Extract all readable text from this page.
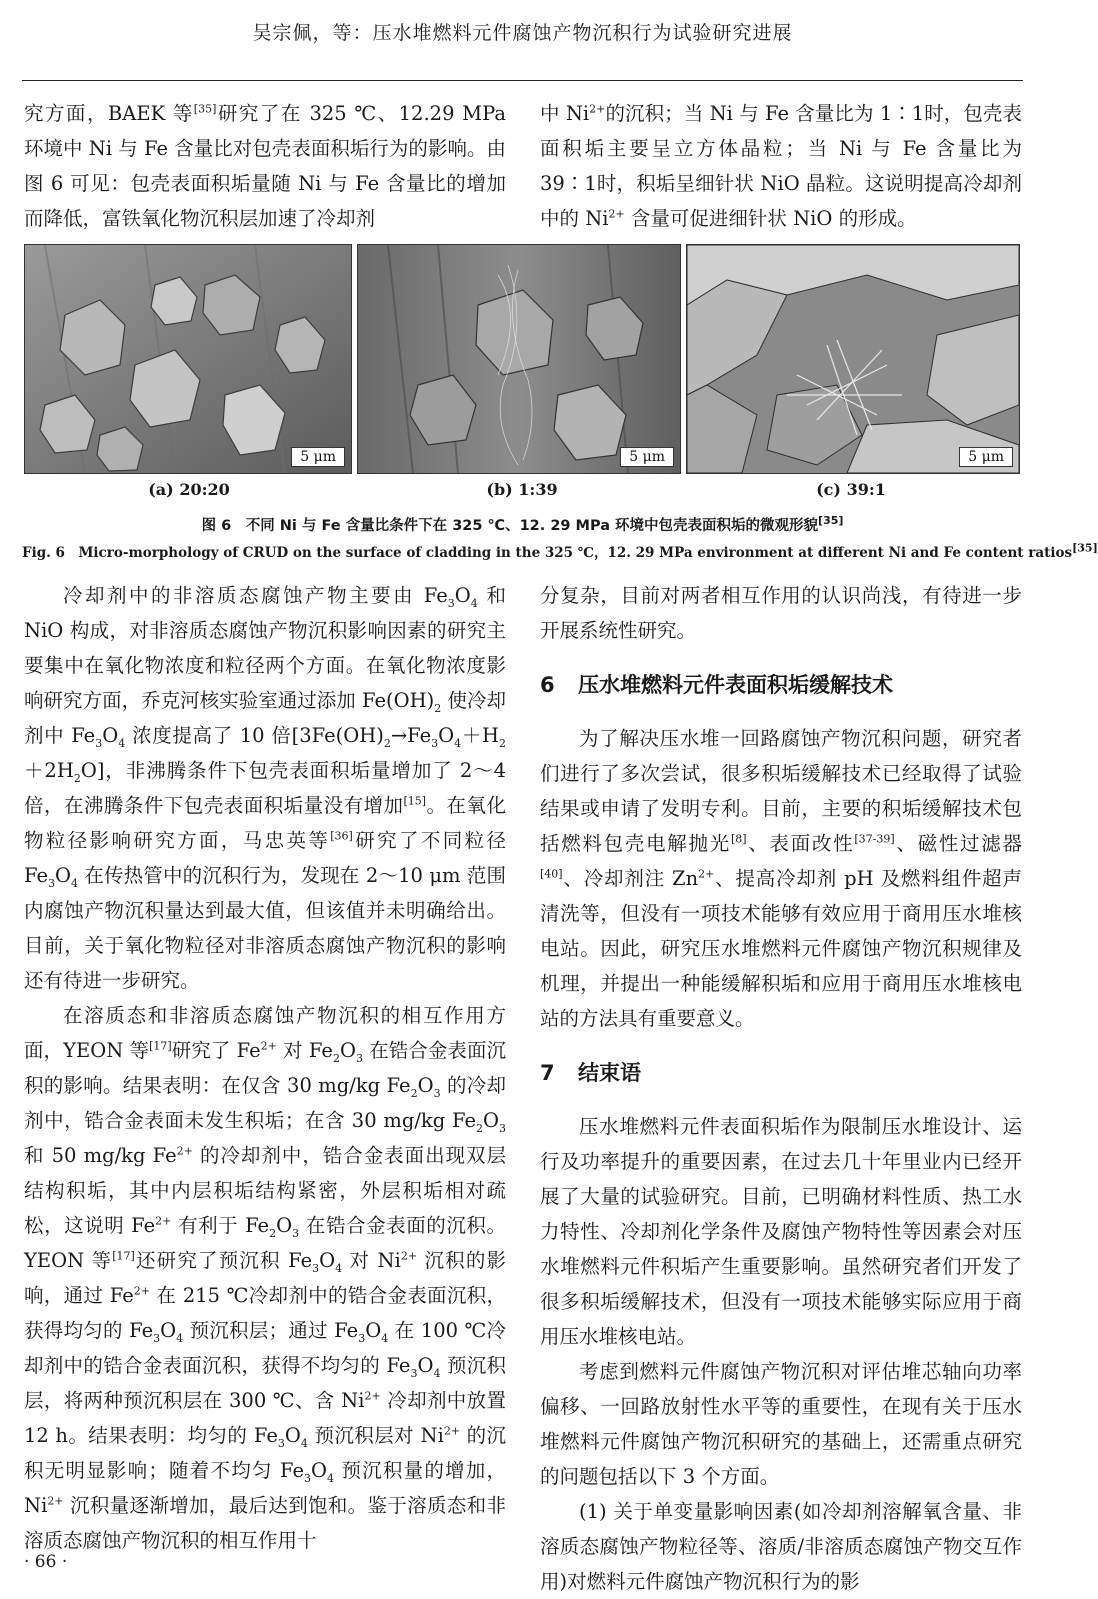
吴宗佩，等：压水堆燃料元件腐蚀产物沉积行为试验研究进展

究方面，BAEK 等[35]研究了在 325 ℃、12.29 MPa 环境中 Ni 与 Fe 含量比对包壳表面积垢行为的影响。由图 6 可见：包壳表面积垢量随 Ni 与 Fe 含量比的增加而降低，富铁氧化物沉积层加速了冷却剂

中 $Ni^{2+}$的沉积；当 Ni 与 Fe 含量比为 1∶1时，包壳表面积垢主要呈立方体晶粒；当 Ni 与 Fe 含量比为 39∶1时，积垢呈细针状 NiO 晶粒。这说明提高冷却剂中的 $Ni^{2+}$ 含量可促进细针状 NiO 的形成。

5 μm	5 μm	5 μm
(a) 20:20	(b) 1:39	(c) 39:1
图 6　不同 Ni 与 Fe 含量比条件下在 325 ℃、12. 29 MPa 环境中包壳表面积垢的微观形貌[35]
Fig. 6　Micro-morphology of CRUD on the surface of cladding in the 325 ℃，12. 29 MPa environment at different Ni and Fe content ratios[35]

冷却剂中的非溶质态腐蚀产物主要由 $Fe_3O_4$ 和 NiO 构成，对非溶质态腐蚀产物沉积影响因素的研究主要集中在氧化物浓度和粒径两个方面。在氧化物浓度影响研究方面，乔克河核实验室通过添加 $Fe(OH)_2$ 使冷却剂中 $Fe_3O_4$ 浓度提高了 10 倍$[3Fe(OH)_2\to Fe_3O_4+H_2+2H_2O]$，非沸腾条件下包壳表面积垢量增加了 2～4 倍，在沸腾条件下包壳表面积垢量没有增加[15]。在氧化物粒径影响研究方面，马忠英等[36]研究了不同粒径 $Fe_3O_4$ 在传热管中的沉积行为，发现在 2～10 μm 范围内腐蚀产物沉积量达到最大值，但该值并未明确给出。目前，关于氧化物粒径对非溶质态腐蚀产物沉积的影响还有待进一步研究。

在溶质态和非溶质态腐蚀产物沉积的相互作用方面，YEON 等[17]研究了 $Fe^{2+}$ 对 $Fe_2O_3$ 在锆合金表面沉积的影响。结果表明：在仅含 30 mg/kg $Fe_2O_3$ 的冷却剂中，锆合金表面未发生积垢；在含 30 mg/kg $Fe_2O_3$ 和 50 mg/kg $Fe^{2+}$ 的冷却剂中，锆合金表面出现双层结构积垢，其中内层积垢结构紧密，外层积垢相对疏松，这说明 $Fe^{2+}$ 有利于 $Fe_2O_3$ 在锆合金表面的沉积。YEON 等[17]还研究了预沉积 $Fe_3O_4$ 对 $Ni^{2+}$ 沉积的影响，通过 $Fe^{2+}$ 在 215 ℃冷却剂中的锆合金表面沉积，获得均匀的 $Fe_3O_4$ 预沉积层；通过 $Fe_3O_4$ 在 100 ℃冷却剂中的锆合金表面沉积，获得不均匀的 $Fe_3O_4$ 预沉积层，将两种预沉积层在 300 ℃、含 $Ni^{2+}$ 冷却剂中放置 12 h。结果表明：均匀的 $Fe_3O_4$ 预沉积层对 $Ni^{2+}$ 的沉积无明显影响；随着不均匀 $Fe_3O_4$ 预沉积量的增加，$Ni^{2+}$ 沉积量逐渐增加，最后达到饱和。鉴于溶质态和非溶质态腐蚀产物沉积的相互作用十

分复杂，目前对两者相互作用的认识尚浅，有待进一步开展系统性研究。

6 压水堆燃料元件表面积垢缓解技术

为了解决压水堆一回路腐蚀产物沉积问题，研究者们进行了多次尝试，很多积垢缓解技术已经取得了试验结果或申请了发明专利。目前，主要的积垢缓解技术包括燃料包壳电解抛光[8]、表面改性[37-39]、磁性过滤器[40]、冷却剂注 $Zn^{2+}$、提高冷却剂 pH 及燃料组件超声清洗等，但没有一项技术能够有效应用于商用压水堆核电站。因此，研究压水堆燃料元件腐蚀产物沉积规律及机理，并提出一种能缓解积垢和应用于商用压水堆核电站的方法具有重要意义。

7 结束语

压水堆燃料元件表面积垢作为限制压水堆设计、运行及功率提升的重要因素，在过去几十年里业内已经开展了大量的试验研究。目前，已明确材料性质、热工水力特性、冷却剂化学条件及腐蚀产物特性等因素会对压水堆燃料元件积垢产生重要影响。虽然研究者们开发了很多积垢缓解技术，但没有一项技术能够实际应用于商用压水堆核电站。

考虑到燃料元件腐蚀产物沉积对评估堆芯轴向功率偏移、一回路放射性水平等的重要性，在现有关于压水堆燃料元件腐蚀产物沉积研究的基础上，还需重点研究的问题包括以下 3 个方面。

(1) 关于单变量影响因素(如冷却剂溶解氧含量、非溶质态腐蚀产物粒径等、溶质/非溶质态腐蚀产物交互作用)对燃料元件腐蚀产物沉积行为的影

· 66 ·
